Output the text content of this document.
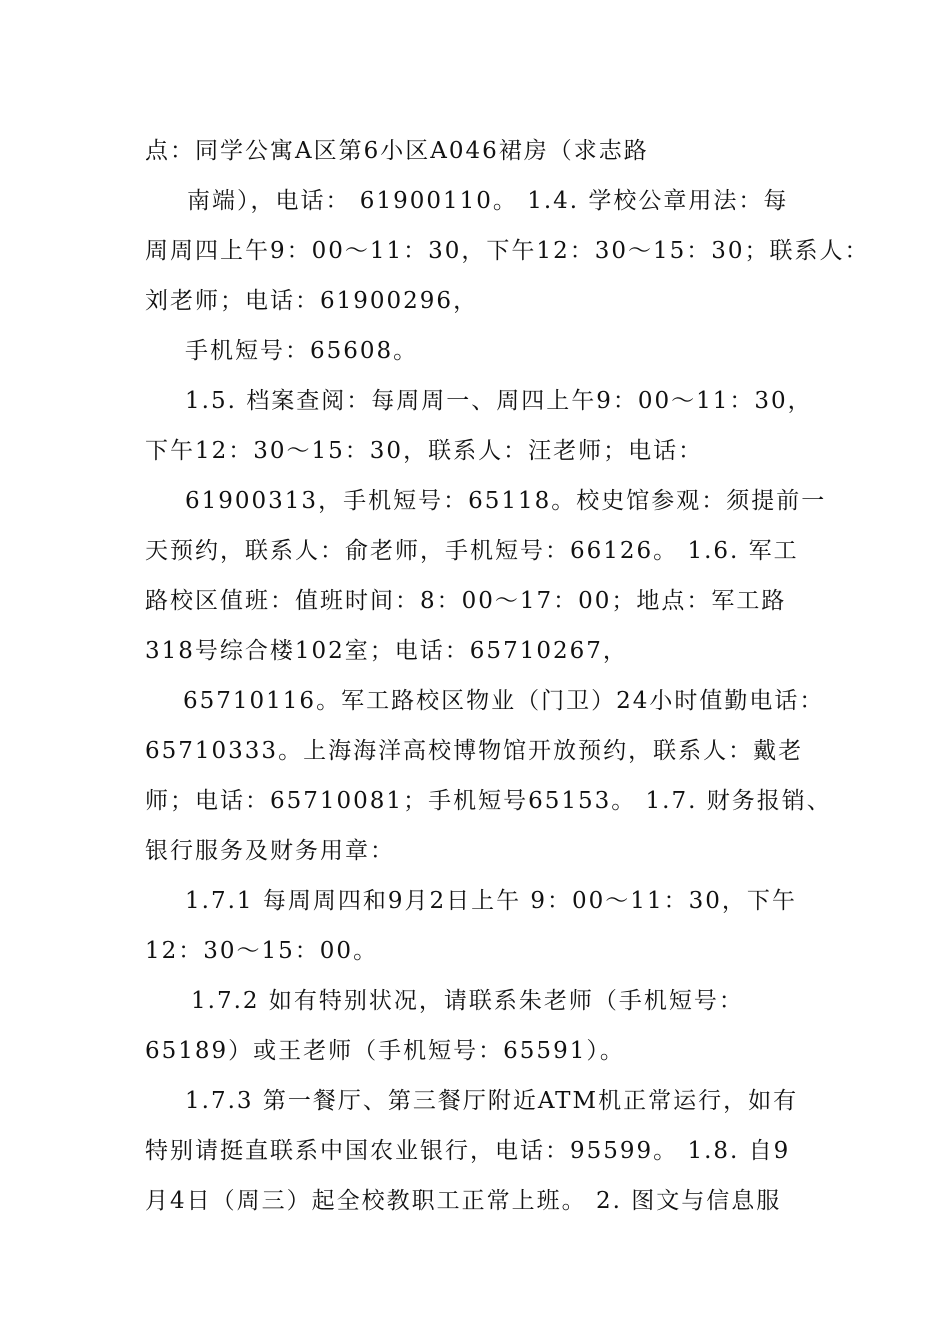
点：同学公寓A区第6小区A046裙房（求志路
南端），电话： 61900110。 1.4. 学校公章用法：每
周周四上午9：00～11：30，下午12：30～15：30；联系人：
刘老师；电话：61900296，
手机短号：65608。
1.5. 档案查阅：每周周一、周四上午9：00～11：30，
下午12：30～15：30，联系人：汪老师；电话：
61900313，手机短号：65118。校史馆参观：须提前一
天预约，联系人：俞老师，手机短号：66126。 1.6. 军工
路校区值班：值班时间：8：00～17：00；地点：军工路
318号综合楼102室；电话：65710267，
65710116。军工路校区物业（门卫）24小时值勤电话：
65710333。上海海洋高校博物馆开放预约，联系人：戴老
师；电话：65710081；手机短号65153。 1.7. 财务报销、
银行服务及财务用章：
1.7.1 每周周四和9月2日上午 9：00～11：30，下午
12：30～15：00。
1.7.2 如有特别状况，请联系朱老师（手机短号：
65189）或王老师（手机短号：65591）。
1.7.3 第一餐厅、第三餐厅附近ATM机正常运行，如有
特别请挺直联系中国农业银行，电话：95599。 1.8. 自9
月4日（周三）起全校教职工正常上班。 2. 图文与信息服
